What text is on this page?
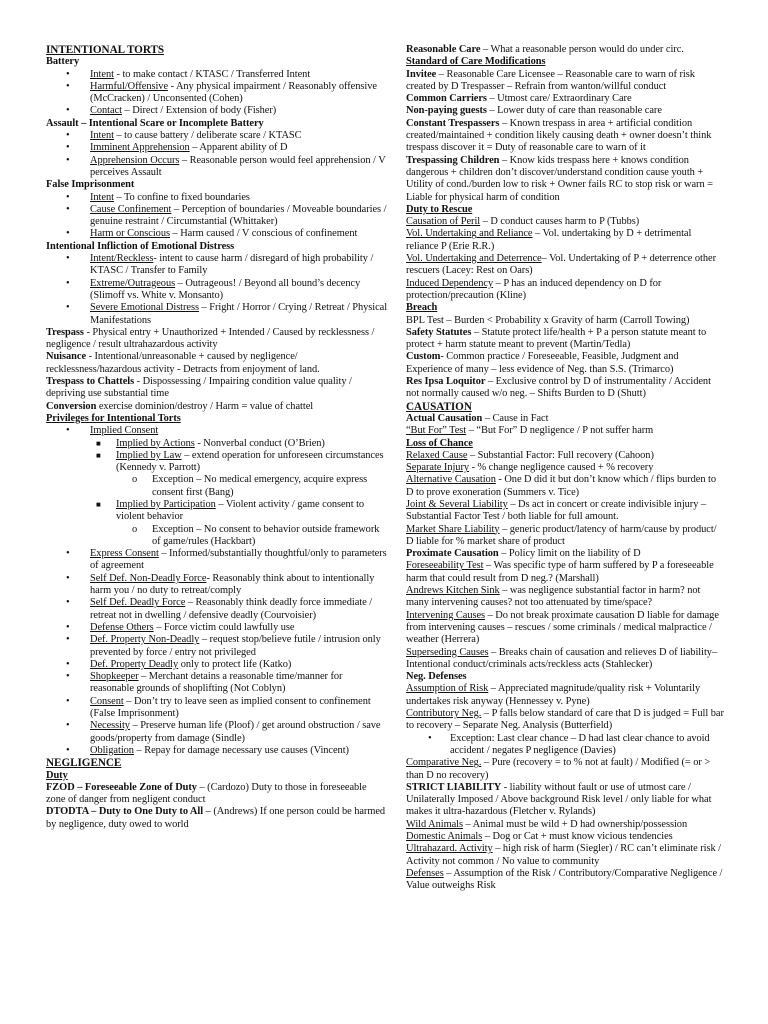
INTENTIONAL TORTS
Battery
• Intent - to make contact / KTASC / Transferred Intent
• Harmful/Offensive - Any physical impairment / Reasonably offensive (McCracken) / Unconsented (Cohen)
• Contact – Direct / Extension of body (Fisher)
Assault – Intentional Scare or Incomplete Battery
• Intent – to cause battery / deliberate scare / KTASC
• Imminent Apprehension – Apparent ability of D
• Apprehension Occurs – Reasonable person would feel apprehension / V perceives Assault
False Imprisonment
• Intent – To confine to fixed boundaries
• Cause Confinement – Perception of boundaries / Moveable boundaries / genuine restraint / Circumstantial (Whittaker)
• Harm or Conscious – Harm caused / V conscious of confinement
Intentional Infliction of Emotional Distress
• Intent/Reckless- intent to cause harm / disregard of high probability / KTASC / Transfer to Family
• Extreme/Outrageous – Outrageous! / Beyond all bound’s decency (Slimoff vs. White v. Monsanto)
• Severe Emotional Distress – Fright / Horror / Crying / Retreat / Physical Manifestations
Trespass - Physical entry + Unauthorized + Intended / Caused by recklessness / negligence / result ultrahazardous activity
Nuisance - Intentional/unreasonable + caused by negligence/ recklessness/hazardous activity - Detracts from enjoyment of land.
Trespass to Chattels - Dispossessing / Impairing condition value quality / depriving use substantial time
Conversion exercise dominion/destroy / Harm = value of chattel
Privileges for Intentional Torts
• Implied Consent
■ Implied by Actions - Nonverbal conduct (O’Brien)
■ Implied by Law – extend operation for unforeseen circumstances (Kennedy v. Parrott)
o Exception – No medical emergency, acquire express consent first (Bang)
■ Implied by Participation – Violent activity / game consent to violent behavior
o Exception – No consent to behavior outside framework of game/rules (Hackbart)
• Express Consent – Informed/substantially thoughtful/only to parameters of agreement
• Self Def. Non-Deadly Force- Reasonably think about to intentionally harm you / no duty to retreat/comply
• Self Def. Deadly Force – Reasonably think deadly force immediate / retreat not in dwelling / defensive deadly (Courvoisier)
• Defense Others – Force victim could lawfully use
• Def. Property Non-Deadly – request stop/believe futile / intrusion only prevented by force / entry not privileged
• Def. Property Deadly only to protect life (Katko)
• Shopkeeper – Merchant detains a reasonable time/manner for reasonable grounds of shoplifting (Not Coblyn)
• Consent – Don’t try to leave seen as implied consent to confinement (False Imprisonment)
• Necessity – Preserve human life (Ploof) / get around obstruction / save goods/property from damage (Sindle)
• Obligation – Repay for damage necessary use causes (Vincent)
NEGLIGENCE
Duty
FZOD – Foreseeable Zone of Duty – (Cardozo) Duty to those in foreseeable zone of danger from negligent conduct
DTODTA – Duty to One Duty to All – (Andrews) If one person could be harmed by negligence, duty owed to world
Reasonable Care – What a reasonable person would do under circ.
Standard of Care Modifications
Invitee – Reasonable Care Licensee – Reasonable care to warn of risk created by D Trespasser – Refrain from wanton/willful conduct
Common Carriers – Utmost care/ Extraordinary Care
Non-paying guests – Lower duty of care than reasonable care
Constant Trespassers – Known trespass in area + artificial condition created/maintained + condition likely causing death + owner doesn’t think trespass discover it = Duty of reasonable care to warn of it
Trespassing Children – Know kids trespass here + knows condition dangerous + children don’t discover/understand condition cause youth + Utility of cond./burden low to risk + Owner fails RC to stop risk or warn = Liable for physical harm of condition
Duty to Rescue
Causation of Peril – D conduct causes harm to P (Tubbs)
Vol. Undertaking and Reliance – Vol. undertaking by D + detrimental reliance P (Erie R.R.)
Vol. Undertaking and Deterrence– Vol. Undertaking of P + deterrence other rescuers (Lacey: Rest on Oars)
Induced Dependency – P has an induced dependency on D for protection/precaution (Kline)
Breach
BPL Test – Burden < Probability x Gravity of harm (Carroll Towing)
Safety Statutes – Statute protect life/health + P a person statute meant to protect + harm statute meant to prevent (Martin/Tedla)
Custom- Common practice / Foreseeable, Feasible, Judgment and Experience of many – less evidence of Neg. than S.S. (Trimarco)
Res Ipsa Loquitor – Exclusive control by D of instrumentality / Accident not normally caused w/o neg. – Shifts Burden to D (Shutt)
CAUSATION
Actual Causation – Cause in Fact
“But For” Test – “But For” D negligence / P not suffer harm
Loss of Chance
Relaxed Cause – Substantial Factor: Full recovery (Cahoon)
Separate Injury - % change negligence caused + % recovery
Alternative Causation - One D did it but don’t know which / flips burden to D to prove exoneration (Summers v. Tice)
Joint & Several Liability – Ds act in concert or create indivisible injury – Substantial Factor Test / both liable for full amount.
Market Share Liability – generic product/latency of harm/cause by product/ D liable for % market share of product
Proximate Causation – Policy limit on the liability of D
Foreseeability Test – Was specific type of harm suffered by P a foreseeable harm that could result from D neg.? (Marshall)
Andrews Kitchen Sink – was negligence substantial factor in harm? not many intervening causes? not too attenuated by time/space?
Intervening Causes – Do not break proximate causation D liable for damage from intervening causes – rescues / some criminals / medical malpractice / weather (Herrera)
Superseding Causes – Breaks chain of causation and relieves D of liability– Intentional conduct/criminals acts/reckless acts (Stahlecker)
Neg. Defenses
Assumption of Risk – Appreciated magnitude/quality risk + Voluntarily undertakes risk anyway (Hennessey v. Pyne)
Contributory Neg. – P falls below standard of care that D is judged = Full bar to recovery – Separate Neg. Analysis (Butterfield)
• Exception: Last clear chance – D had last clear chance to avoid accident / negates P negligence (Davies)
Comparative Neg. – Pure (recovery = to % not at fault) / Modified (= or > than D no recovery)
STRICT LIABILITY - liability without fault or use of utmost care / Unilaterally Imposed / Above background Risk level / only liable for what makes it ultra-hazardous (Fletcher v. Rylands)
Wild Animals – Animal must be wild + D had ownership/possession
Domestic Animals – Dog or Cat + must know vicious tendencies
Ultrahazard. Activity – high risk of harm (Siegler) / RC can’t eliminate risk / Activity not common / No value to community
Defenses – Assumption of the Risk / Contributory/Comparative Negligence / Value outweighs Risk
